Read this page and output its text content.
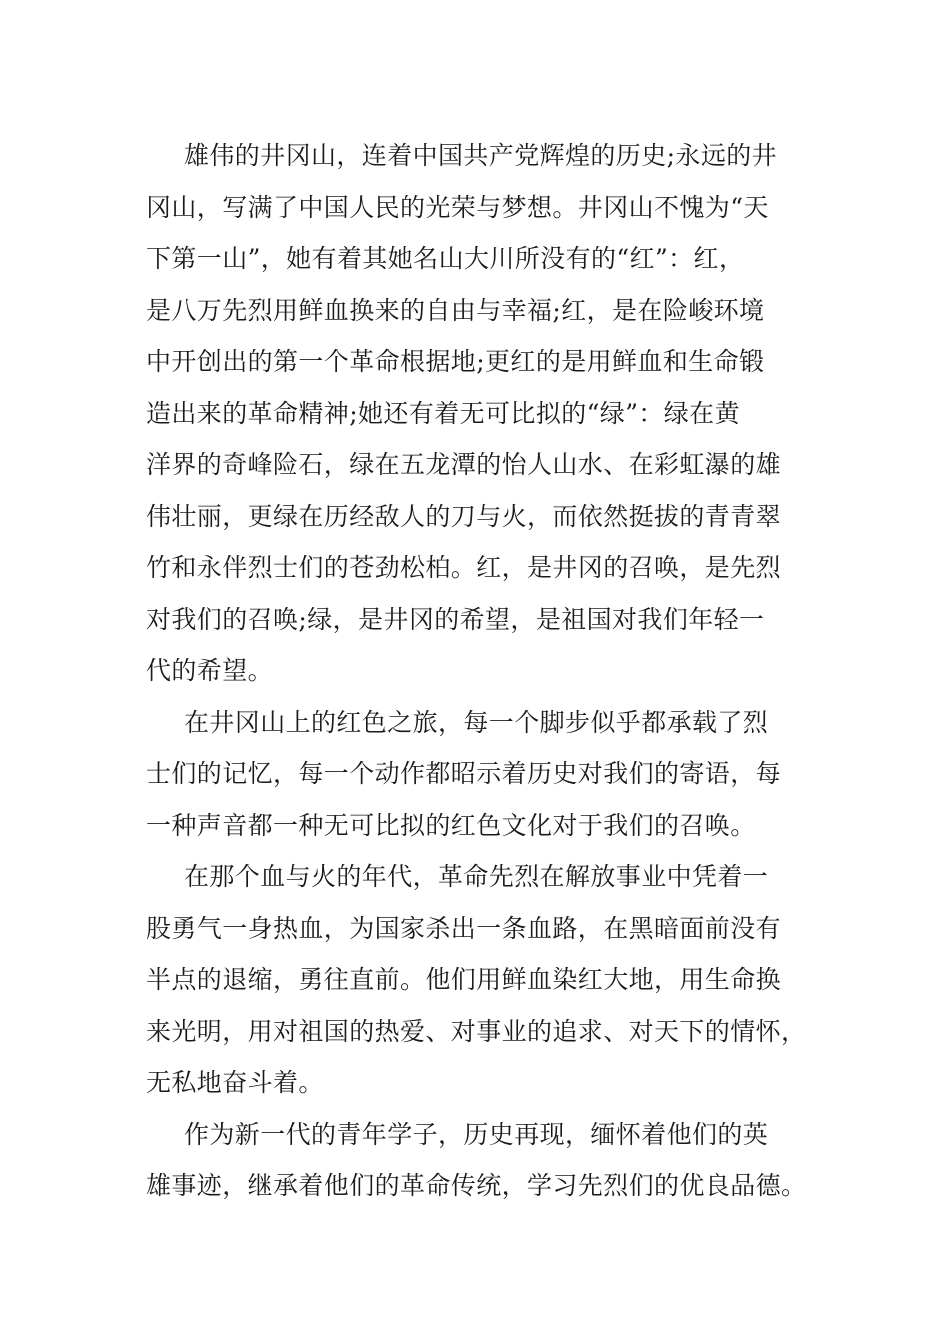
雄伟的井冈山，连着中国共产党辉煌的历史;永远的井
冈山，写满了中国人民的光荣与梦想。井冈山不愧为“天
下第一山”，她有着其她名山大川所没有的“红”：红，
是八万先烈用鲜血换来的自由与幸福;红，是在险峻环境
中开创出的第一个革命根据地;更红的是用鲜血和生命锻
造出来的革命精神;她还有着无可比拟的“绿”：绿在黄
洋界的奇峰险石，绿在五龙潭的怡人山水、在彩虹瀑的雄
伟壮丽，更绿在历经敌人的刀与火，而依然挺拔的青青翠
竹和永伴烈士们的苍劲松柏。红，是井冈的召唤，是先烈
对我们的召唤;绿，是井冈的希望，是祖国对我们年轻一
代的希望。
在井冈山上的红色之旅，每一个脚步似乎都承载了烈
士们的记忆，每一个动作都昭示着历史对我们的寄语，每
一种声音都一种无可比拟的红色文化对于我们的召唤。
在那个血与火的年代，革命先烈在解放事业中凭着一
股勇气一身热血，为国家杀出一条血路，在黑暗面前没有
半点的退缩，勇往直前。他们用鲜血染红大地，用生命换
来光明，用对祖国的热爱、对事业的追求、对天下的情怀，
无私地奋斗着。
作为新一代的青年学子，历史再现，缅怀着他们的英
雄事迹，继承着他们的革命传统，学习先烈们的优良品德。
